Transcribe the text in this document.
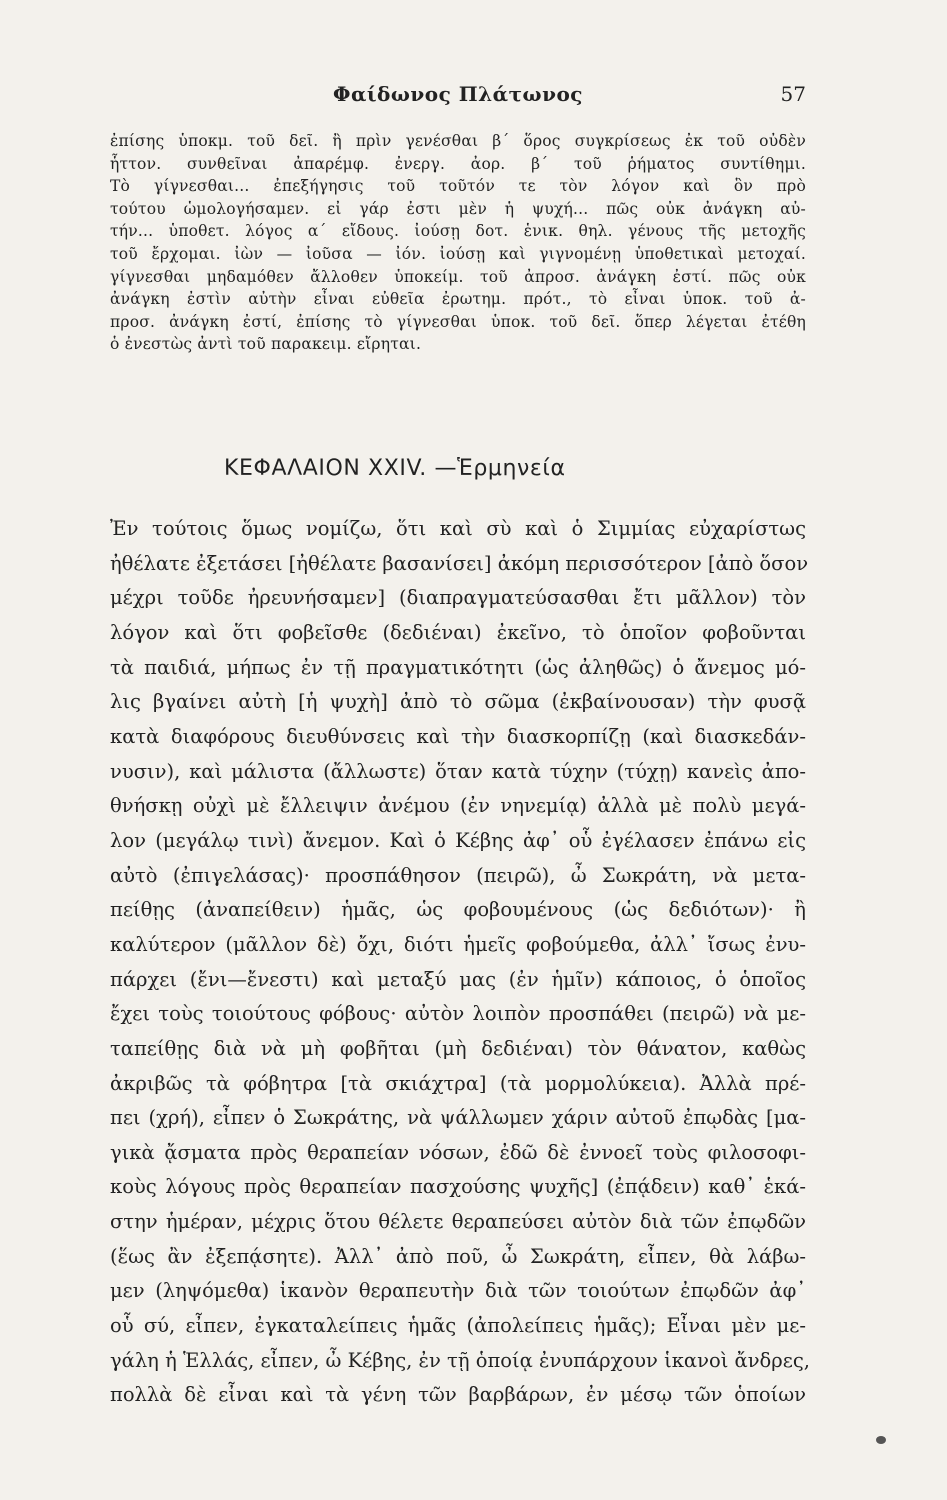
Φαίδωνος Πλάτωνος	57
ἐπίσης ὑποκμ. τοῦ δεῖ. ἢ πρὶν γενέσθαι β΄ ὅρος συγκρίσεως ἐκ τοῦ οὐδὲν
ἧττον. συνθεῖναι ἀπαρέμφ. ἐνεργ. ἀορ. β΄ τοῦ ῥήματος συντίθημι.
Τὸ γίγνεσθαι... ἐπεξήγησις τοῦ τοῦτόν τε τὸν λόγον καὶ ὃν πρὸ
τούτου ὡμολογήσαμεν. εἰ γάρ ἐστι μὲν ἡ ψυχή... πῶς οὐκ ἀνάγκη αὐ-
τήν... ὑποθετ. λόγος α΄ εἴδους. ἰούσῃ δοτ. ἑνικ. θηλ. γένους τῆς μετοχῆς
τοῦ ἔρχομαι. ἰὼν — ἰοῦσα — ἰόν. ἰούσῃ καὶ γιγνομένῃ ὑποθετικαὶ μετοχαί.
γίγνεσθαι μηδαμόθεν ἄλλοθεν ὑποκείμ. τοῦ ἀπροσ. ἀνάγκη ἐστί. πῶς οὐκ
ἀνάγκη ἐστὶν αὐτὴν εἶναι εὐθεῖα ἐρωτημ. πρότ., τὸ εἶναι ὑποκ. τοῦ ἀ-
προσ. ἀνάγκη ἐστί, ἐπίσης τὸ γίγνεσθαι ὑποκ. τοῦ δεῖ. ὅπερ λέγεται ἐτέθη
ὁ ἐνεστὼς ἀντὶ τοῦ παρακειμ. εἴρηται.
ΚΕΦΑΛΑΙΟΝ XXIV. —Ἑρμηνεία
Ἐν τούτοις ὅμως νομίζω, ὅτι καὶ σὺ καὶ ὁ Σιμμίας εὐχαρίστως
ἠθέλατε ἐξετάσει [ἠθέλατε βασανίσει] ἀκόμη περισσότερον [ἀπὸ ὅσον
μέχρι τοῦδε ἠρευνήσαμεν] (διαπραγματεύσασθαι ἔτι μᾶλλον) τὸν
λόγον καὶ ὅτι φοβεῖσθε (δεδιέναι) ἐκεῖνο, τὸ ὁποῖον φοβοῦνται
τὰ παιδιά, μήπως ἐν τῇ πραγματικότητι (ὡς ἀληθῶς) ὁ ἄνεμος μό-
λις βγαίνει αὐτὴ [ἡ ψυχὴ] ἀπὸ τὸ σῶμα (ἐκβαίνουσαν) τὴν φυσᾷ
κατὰ διαφόρους διευθύνσεις καὶ τὴν διασκορπίζῃ (καὶ διασκεδάν-
νυσιν), καὶ μάλιστα (ἄλλωστε) ὅταν κατὰ τύχην (τύχῃ) κανεὶς ἀπο-
θνήσκῃ οὐχὶ μὲ ἔλλειψιν ἀνέμου (ἐν νηνεμίᾳ) ἀλλὰ μὲ πολὺ μεγά-
λον (μεγάλῳ τινὶ) ἄνεμον. Καὶ ὁ Κέβης ἀφ᾽ οὗ ἐγέλασεν ἐπάνω εἰς
αὐτὸ (ἐπιγελάσας)· προσπάθησον (πειρῶ), ὦ Σωκράτη, νὰ μετα-
πείθῃς (ἀναπείθειν) ἡμᾶς, ὡς φοβουμένους (ὡς δεδιότων)· ἢ
καλύτερον (μᾶλλον δὲ) ὄχι, διότι ἡμεῖς φοβούμεθα, ἀλλ᾽ ἴσως ἐνυ-
πάρχει (ἔνι—ἔνεστι) καὶ μεταξύ μας (ἐν ἡμῖν) κάποιος, ὁ ὁποῖος
ἔχει τοὺς τοιούτους φόβους· αὐτὸν λοιπὸν προσπάθει (πειρῶ) νὰ με-
ταπείθῃς διὰ νὰ μὴ φοβῆται (μὴ δεδιέναι) τὸν θάνατον, καθὼς
ἀκριβῶς τὰ φόβητρα [τὰ σκιάχτρα] (τὰ μορμολύκεια). Ἀλλὰ πρέ-
πει (χρή), εἶπεν ὁ Σωκράτης, νὰ ψάλλωμεν χάριν αὐτοῦ ἐπῳδὰς [μα-
γικὰ ᾄσματα πρὸς θεραπείαν νόσων, ἐδῶ δὲ ἐννοεῖ τοὺς φιλοσοφι-
κοὺς λόγους πρὸς θεραπείαν πασχούσης ψυχῆς] (ἐπᾴδειν) καθ᾽ ἑκά-
στην ἡμέραν, μέχρις ὅτου θέλετε θεραπεύσει αὐτὸν διὰ τῶν ἐπῳδῶν
(ἕως ἂν ἐξεπᾴσητε). Ἀλλ᾽ ἀπὸ ποῦ, ὦ Σωκράτη, εἶπεν, θὰ λάβω-
μεν (ληψόμεθα) ἱκανὸν θεραπευτὴν διὰ τῶν τοιούτων ἐπῳδῶν ἀφ᾽
οὗ σύ, εἶπεν, ἐγκαταλείπεις ἡμᾶς (ἀπολείπεις ἡμᾶς); Εἶναι μὲν με-
γάλη ἡ Ἑλλάς, εἶπεν, ὦ Κέβης, ἐν τῇ ὁποίᾳ ἐνυπάρχουν ἱκανοὶ ἄνδρες,
πολλὰ δὲ εἶναι καὶ τὰ γένη τῶν βαρβάρων, ἐν μέσῳ τῶν ὁποίων
